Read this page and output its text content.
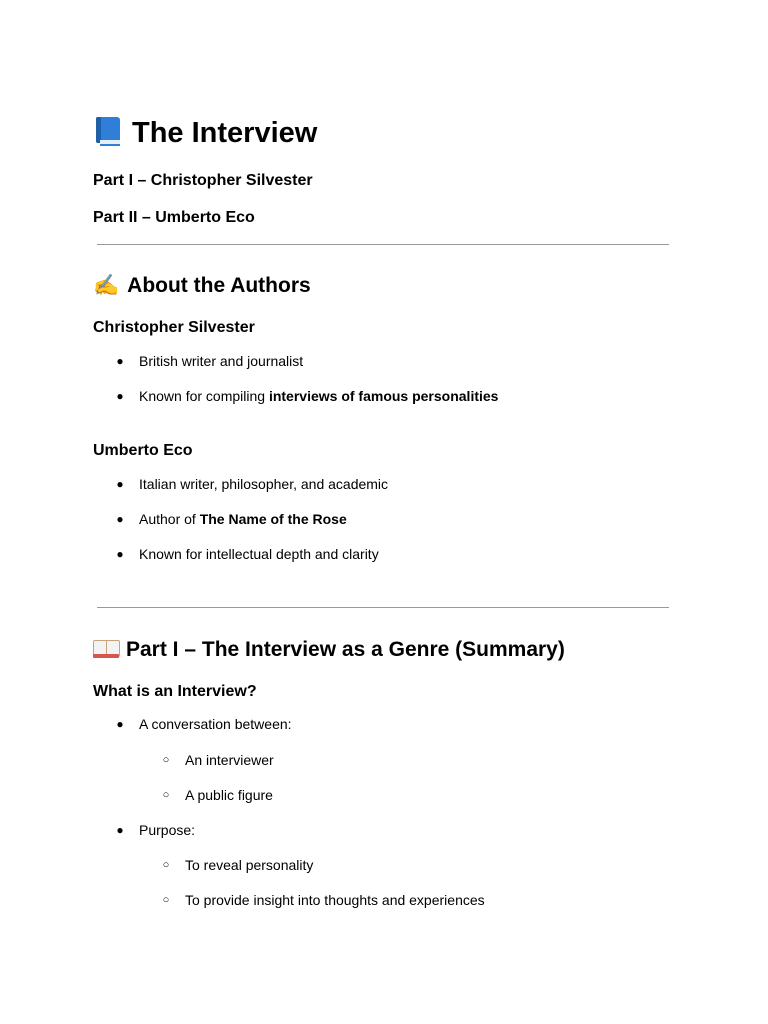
The Interview
Part I – Christopher Silvester
Part II – Umberto Eco
✍️ About the Authors
Christopher Silvester
● British writer and journalist
● Known for compiling interviews of famous personalities
Umberto Eco
● Italian writer, philosopher, and academic
● Author of The Name of the Rose
● Known for intellectual depth and clarity
Part I – The Interview as a Genre (Summary)
What is an Interview?
● A conversation between:
○ An interviewer
○ A public figure
● Purpose:
○ To reveal personality
○ To provide insight into thoughts and experiences
